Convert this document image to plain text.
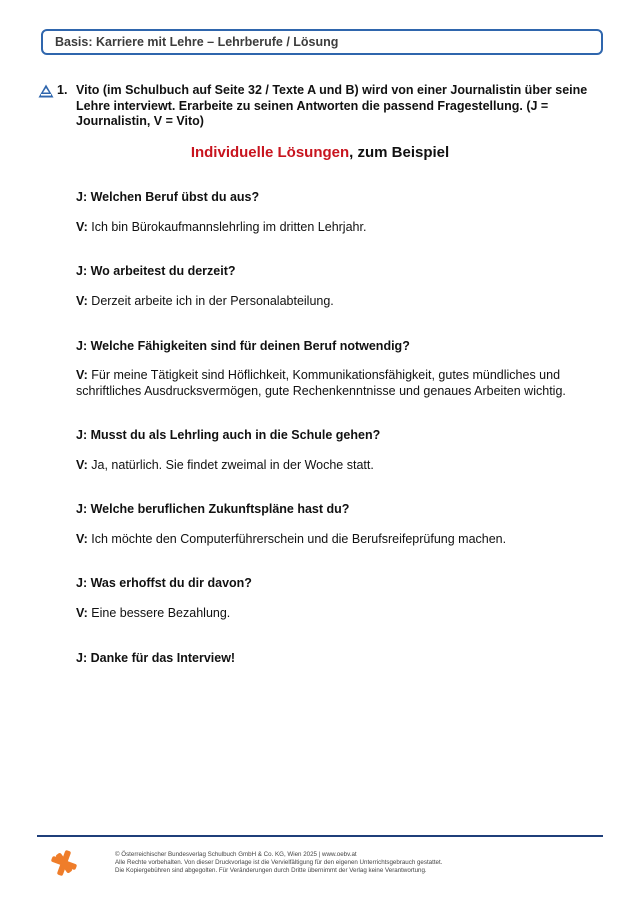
Basis: Karriere mit Lehre – Lehrberufe / Lösung
1. Vito (im Schulbuch auf Seite 32 / Texte A und B) wird von einer Journalistin über seine Lehre interviewt. Erarbeite zu seinen Antworten die passend Fragestellung. (J = Journalistin, V = Vito)
Individuelle Lösungen, zum Beispiel
J: Welchen Beruf übst du aus?
V: Ich bin Bürokaufmannslehrling im dritten Lehrjahr.
J: Wo arbeitest du derzeit?
V: Derzeit arbeite ich in der Personalabteilung.
J: Welche Fähigkeiten sind für deinen Beruf notwendig?
V: Für meine Tätigkeit sind Höflichkeit, Kommunikationsfähigkeit, gutes mündliches und schriftliches Ausdrucksvermögen, gute Rechenkenntnisse und genaues Arbeiten wichtig.
J: Musst du als Lehrling auch in die Schule gehen?
V: Ja, natürlich. Sie findet zweimal in der Woche statt.
J: Welche beruflichen Zukunftspläne hast du?
V: Ich möchte den Computerführerschein und die Berufsreifeprüfung machen.
J: Was erhoffst du dir davon?
V: Eine bessere Bezahlung.
J: Danke für das Interview!
© Österreichischer Bundesverlag Schulbuch GmbH & Co. KG, Wien 2025 | www.oebv.at
Alle Rechte vorbehalten. Von dieser Druckvorlage ist die Vervielfältigung für den eigenen Unterrichtsgebrauch gestattet.
Die Kopiergebühren sind abgegolten. Für Veränderungen durch Dritte übernimmt der Verlag keine Verantwortung.
